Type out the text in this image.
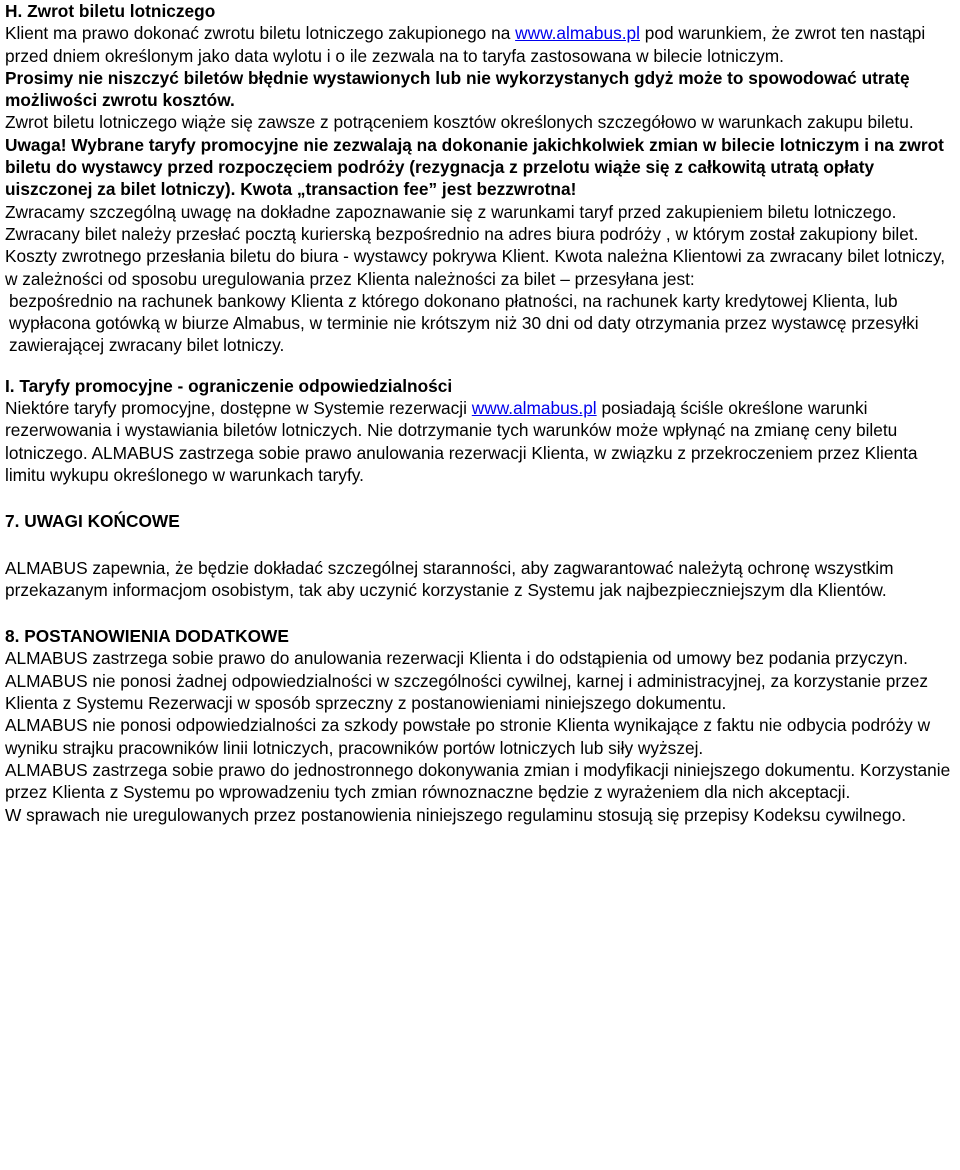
H. Zwrot biletu lotniczego

Klient ma prawo dokonać zwrotu biletu lotniczego zakupionego na www.almabus.pl pod warunkiem, że zwrot ten nastąpi przed dniem określonym jako data wylotu i o ile zezwala na to taryfa zastosowana w bilecie lotniczym.

Prosimy nie niszczyć biletów błędnie wystawionych lub nie wykorzystanych gdyż może to spowodować utratę możliwości zwrotu kosztów.

Zwrot biletu lotniczego wiąże się zawsze z potrąceniem kosztów określonych szczegółowo w warunkach zakupu biletu.

Uwaga! Wybrane taryfy promocyjne nie zezwalają na dokonanie jakichkolwiek zmian w bilecie lotniczym i na zwrot biletu do wystawcy przed rozpoczęciem podróży (rezygnacja z przelotu wiąże się z całkowitą utratą opłaty uiszczonej za bilet lotniczy). Kwota „transaction fee” jest bezzwrotna!

Zwracamy szczególną uwagę na dokładne zapoznawanie się z warunkami taryf przed zakupieniem biletu lotniczego.

Zwracany bilet należy przesłać pocztą kurierską bezpośrednio na adres biura podróży , w którym został zakupiony bilet. Koszty zwrotnego przesłania biletu do biura - wystawcy pokrywa Klient. Kwota należna Klientowi za zwracany bilet lotniczy, w zależności od sposobu uregulowania przez Klienta należności za bilet – przesyłana jest:

bezpośrednio na rachunek bankowy Klienta z którego dokonano płatności, na rachunek karty kredytowej Klienta, lub wypłacona gotówką w biurze Almabus, w terminie nie krótszym niż 30 dni od daty otrzymania przez wystawcę przesyłki zawierającej zwracany bilet lotniczy.

I. Taryfy promocyjne - ograniczenie odpowiedzialności

Niektóre taryfy promocyjne, dostępne w Systemie rezerwacji www.almabus.pl posiadają ściśle określone warunki rezerwowania i wystawiania biletów lotniczych. Nie dotrzymanie tych warunków może wpłynąć na zmianę ceny biletu lotniczego. ALMABUS zastrzega sobie prawo anulowania rezerwacji Klienta, w związku z przekroczeniem przez Klienta limitu wykupu określonego w warunkach taryfy.

7. UWAGI KOŃCOWE

ALMABUS zapewnia, że będzie dokładać szczególnej staranności, aby zagwarantować należytą ochronę wszystkim przekazanym informacjom osobistym, tak aby uczynić korzystanie z Systemu jak najbezpieczniejszym dla Klientów.

8. POSTANOWIENIA DODATKOWE

ALMABUS zastrzega sobie prawo do anulowania rezerwacji Klienta i do odstąpienia od umowy bez podania przyczyn. ALMABUS nie ponosi żadnej odpowiedzialności w szczególności cywilnej, karnej i administracyjnej, za korzystanie przez Klienta z Systemu Rezerwacji w sposób sprzeczny z postanowieniami niniejszego dokumentu.

ALMABUS nie ponosi odpowiedzialności za szkody powstałe po stronie Klienta wynikające z faktu nie odbycia podróży w wyniku strajku pracowników linii lotniczych, pracowników portów lotniczych lub siły wyższej.

ALMABUS zastrzega sobie prawo do jednostronnego dokonywania zmian i modyfikacji niniejszego dokumentu. Korzystanie przez Klienta z Systemu po wprowadzeniu tych zmian równoznaczne będzie z wyrażeniem dla nich akceptacji.

W sprawach nie uregulowanych przez postanowienia niniejszego regulaminu stosują się przepisy Kodeksu cywilnego.
